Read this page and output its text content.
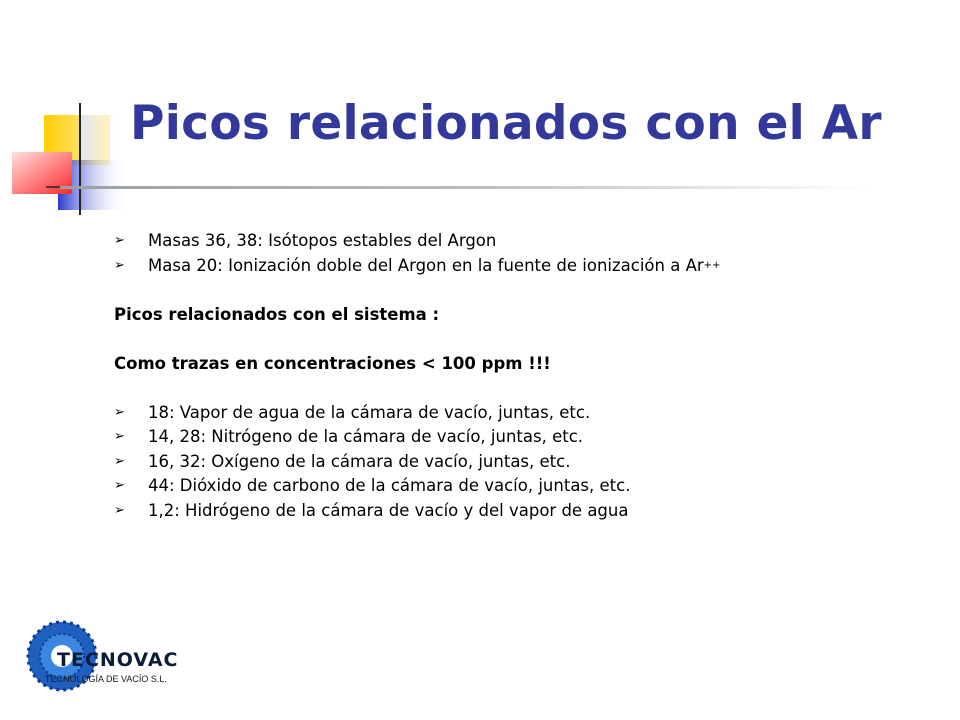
Picos relacionados con el Ar
➢	Masas 36, 38: Isótopos estables del Argon
➢	Masa 20: Ionización doble del Argon en la fuente de ionización a Ar ++
Picos relacionados con el sistema :
Como trazas en concentraciones < 100 ppm !!!
➢	18: Vapor de agua de la cámara de vacío, juntas, etc.
➢	14, 28: Nitrógeno de la cámara de vacío, juntas, etc.
➢	16, 32: Oxígeno de la cámara de vacío, juntas, etc.
➢	44: Dióxido de carbono de la cámara de vacío, juntas, etc.
➢	1,2: Hidrógeno de la cámara de vacío y del vapor de agua
TECNOVAC
TECNOLOGÍA DE VACÍO S.L.
